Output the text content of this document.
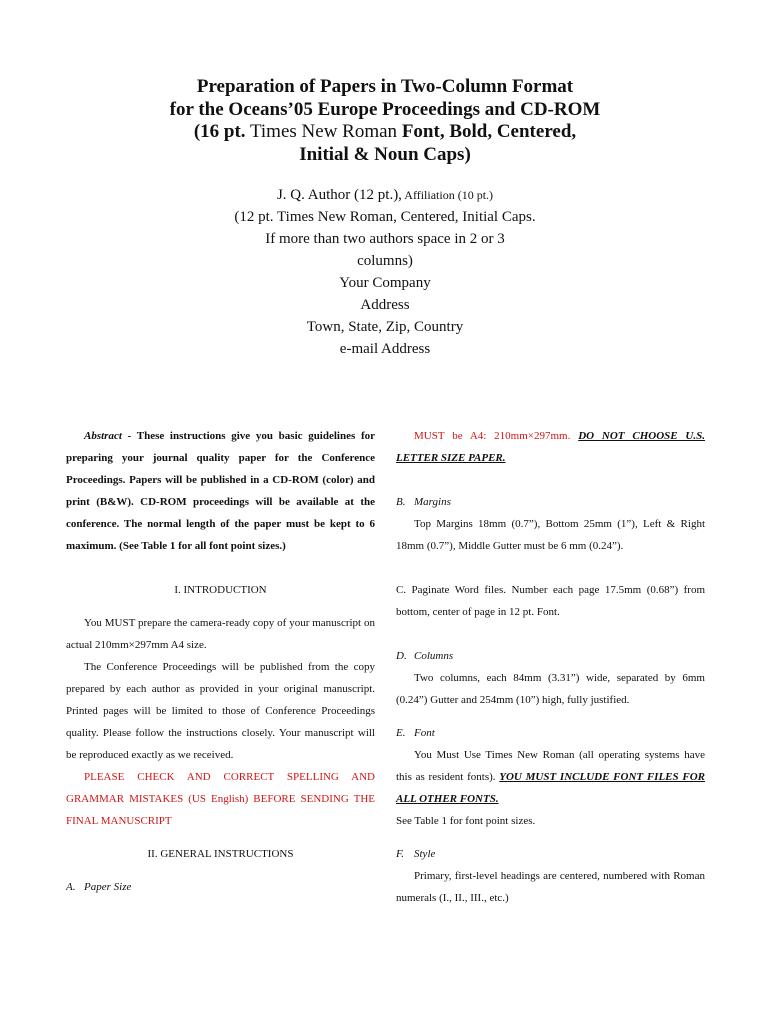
Preparation of Papers in Two-Column Format
for the Oceans’05 Europe Proceedings and CD-ROM
(16 pt. Times New Roman Font, Bold, Centered,
Initial & Noun Caps)
J. Q. Author (12 pt.), Affiliation (10 pt.)
(12 pt. Times New Roman, Centered, Initial Caps.
If more than two authors space in 2 or 3
columns)
Your Company
Address
Town, State, Zip, Country
e-mail Address

Abstract - These instructions give you basic guidelines for preparing your journal quality paper for the Conference Proceedings. Papers will be published in a CD-ROM (color) and print (B&W). CD-ROM proceedings will be available at the conference. The normal length of the paper must be kept to 6 maximum. (See Table 1 for all font point sizes.)

I. INTRODUCTION

You MUST prepare the camera-ready copy of your manuscript on actual 210mm×297mm A4 size.

The Conference Proceedings will be published from the copy prepared by each author as provided in your original manuscript. Printed pages will be limited to those of Conference Proceedings quality. Please follow the instructions closely. Your manuscript will be reproduced exactly as we received.

PLEASE CHECK AND CORRECT SPELLING AND GRAMMAR MISTAKES (US English) BEFORE SENDING THE FINAL MANUSCRIPT

II. GENERAL INSTRUCTIONS

A. Paper Size

MUST be A4: 210mm×297mm. DO NOT CHOOSE U.S. LETTER SIZE PAPER.

B. Margins

Top Margins 18mm (0.7”), Bottom 25mm (1”), Left & Right 18mm (0.7”), Middle Gutter must be 6 mm (0.24”).

C. Paginate Word files. Number each page 17.5mm (0.68”) from bottom, center of page in 12 pt. Font.

D. Columns

Two columns, each 84mm (3.31”) wide, separated by 6mm (0.24”) Gutter and 254mm (10”) high, fully justified.

E. Font

You Must Use Times New Roman (all operating systems have this as resident fonts). YOU MUST INCLUDE FONT FILES FOR ALL OTHER FONTS.

See Table 1 for font point sizes.

F. Style

Primary, first-level headings are centered, numbered with Roman numerals (I., II., III., etc.)
